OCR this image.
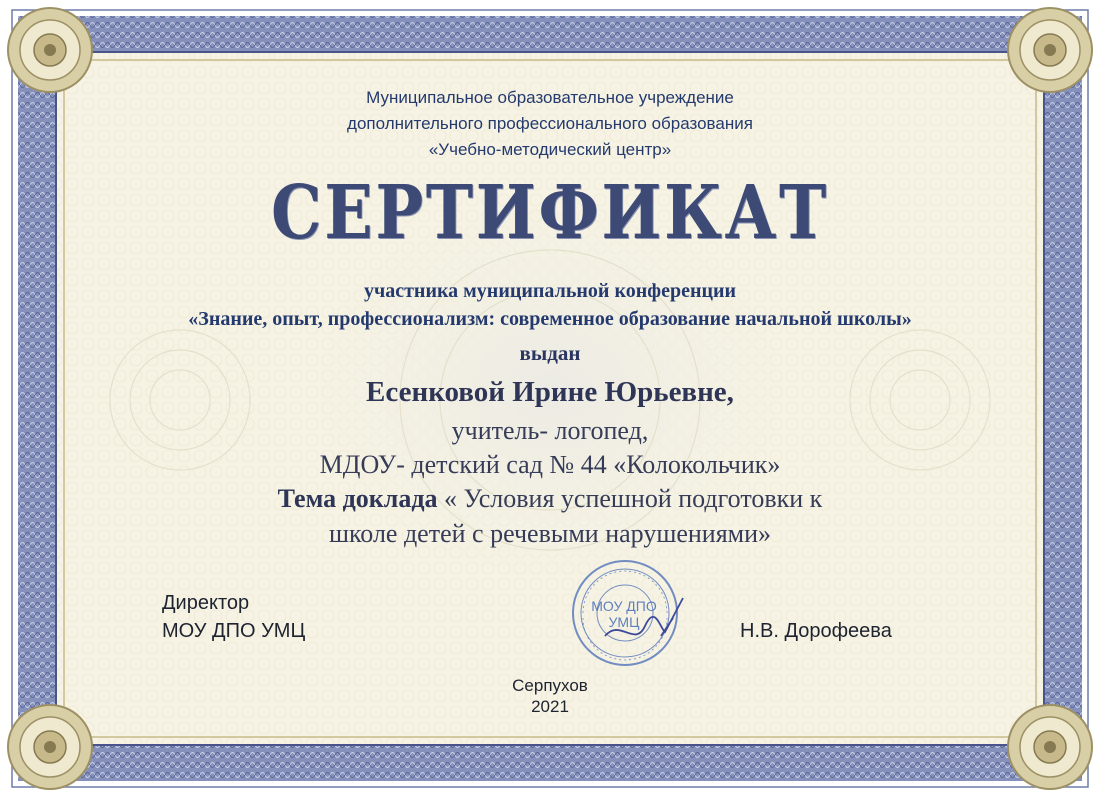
Муниципальное образовательное учреждение
дополнительного профессионального образования
«Учебно-методический центр»
СЕРТИФИКАТ
участника муниципальной конференции
«Знание, опыт, профессионализм: современное образование начальной школы»
выдан
Есенковой Ирине Юрьевне,
учитель- логопед,
МДОУ- детский сад № 44 «Колокольчик»
Тема доклада « Условия успешной подготовки к
школе детей с речевыми нарушениями»
МОУ ДПО
УМЦ
Директор
МОУ ДПО УМЦ	Н.В. Дорофеева
Серпухов
2021
